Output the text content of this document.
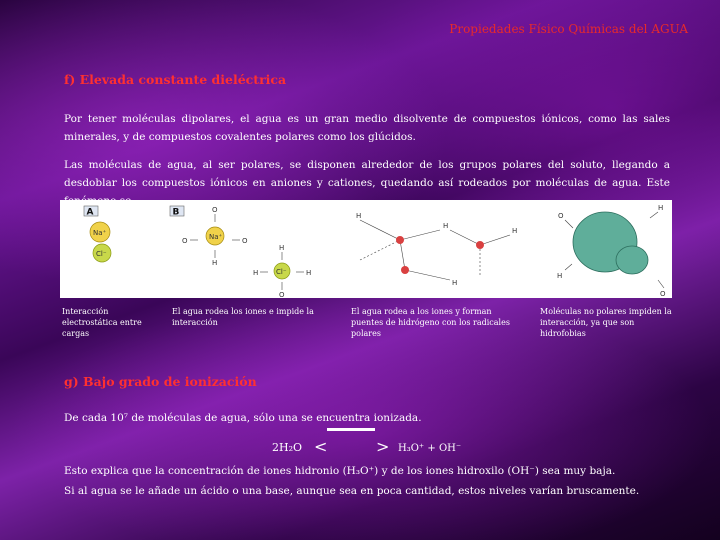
Propiedades Físico Químicas del AGUA
f) Elevada constante dieléctrica
Por tener moléculas dipolares, el agua es un gran medio disolvente de compuestos iónicos, como las sales minerales, y de compuestos covalentes polares como los glúcidos.
Las moléculas de agua, al ser polares, se disponen alrededor de los grupos polares del soluto, llegando a desdoblar los compuestos iónicos en aniones y cationes, quedando así rodeados por moléculas de agua. Este
A
Na⁺
Cl⁻
B
Na⁺
Cl⁻
O
O	O
H
H
H	H
O
H
H
H
H
O
H
H
O
Interacción electrostática entre cargas
El agua rodea los iones e impide la interacción
El agua rodea a los iones y forman puentes de hidrógeno con los radicales polares
Moléculas no polares impiden la interacción, ya que son hidrofobias
g) Bajo grado de ionización
De cada 10⁷ de moléculas de agua, sólo una se encuentra ionizada.
2H₂O <	> H₃O⁺ + OH⁻
Esto explica que la concentración de iones hidronio (H₃O⁺) y de los iones hidroxilo (OH⁻) sea muy baja.
Si al agua se le añade un ácido o una base, aunque sea en poca cantidad, estos niveles varían bruscamente.
